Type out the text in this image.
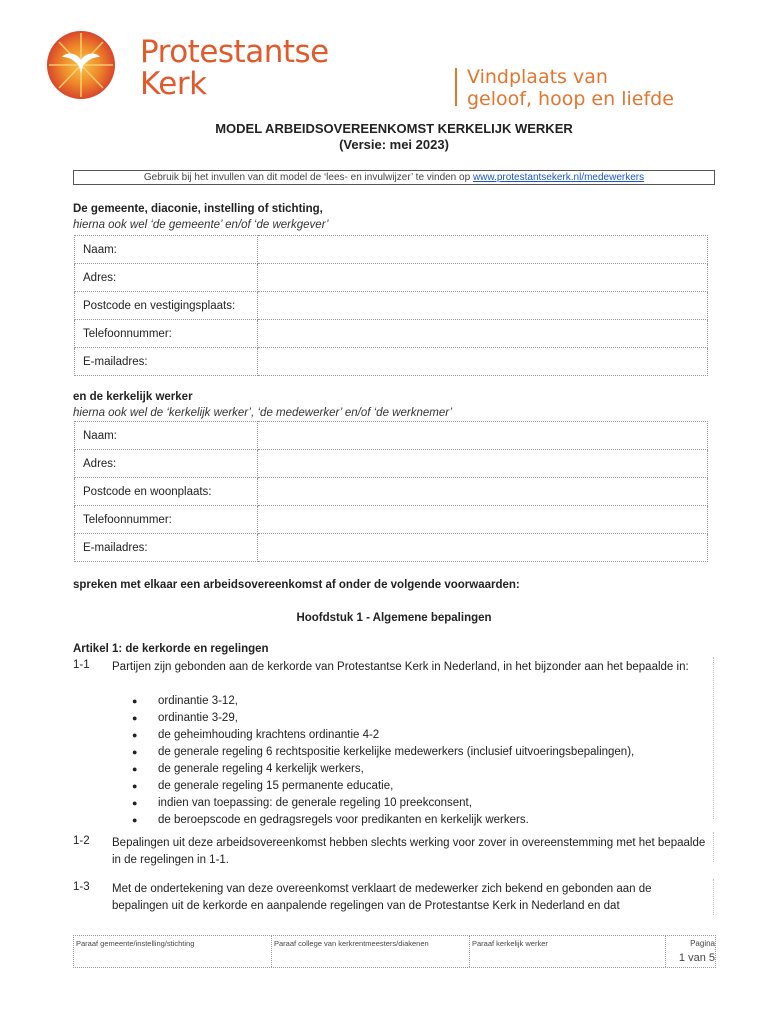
Protestantse
Kerk	Vindplaats van
geloof, hoop en liefde
MODEL ARBEIDSOVEREENKOMST KERKELIJK WERKER
(Versie: mei 2023)
Gebruik bij het invullen van dit model de ‘lees- en invulwijzer’ te vinden op www.protestantsekerk.nl/medewerkers
De gemeente, diaconie, instelling of stichting,
hierna ook wel ‘de gemeente’ en/of ‘de werkgever’
Naam:	
Adres:	
Postcode en vestigingsplaats:	
Telefoonnummer:	
E-mailadres:	
en de kerkelijk werker
hierna ook wel de ‘kerkelijk werker’, ‘de medewerker’ en/of ‘de werknemer’
Naam:	
Adres:	
Postcode en woonplaats:	
Telefoonnummer:	
E-mailadres:	
spreken met elkaar een arbeidsovereenkomst af onder de volgende voorwaarden:
Hoofdstuk 1 - Algemene bepalingen
Artikel 1: de kerkorde en regelingen
1-1 Partijen zijn gebonden aan de kerkorde van Protestantse Kerk in Nederland, in het bijzonder aan het bepaalde in:
● ordinantie 3-12,
● ordinantie 3-29,
● de geheimhouding krachtens ordinantie 4-2
● de generale regeling 6 rechtspositie kerkelijke medewerkers (inclusief uitvoeringsbepalingen),
● de generale regeling 4 kerkelijk werkers,
● de generale regeling 15 permanente educatie,
● indien van toepassing: de generale regeling 10 preekconsent,
● de beroepscode en gedragsregels voor predikanten en kerkelijk werkers.
1-2 Bepalingen uit deze arbeidsovereenkomst hebben slechts werking voor zover in overeenstemming met het bepaalde in de regelingen in 1-1.
1-3 Met de ondertekening van deze overeenkomst verklaart de medewerker zich bekend en gebonden aan de bepalingen uit de kerkorde en aanpalende regelingen van de Protestantse Kerk in Nederland en dat
Paraaf gemeente/instelling/stichting	Paraaf college van kerkrentmeesters/diakenen	Paraaf kerkelijk werker	Pagina
1 van 5
